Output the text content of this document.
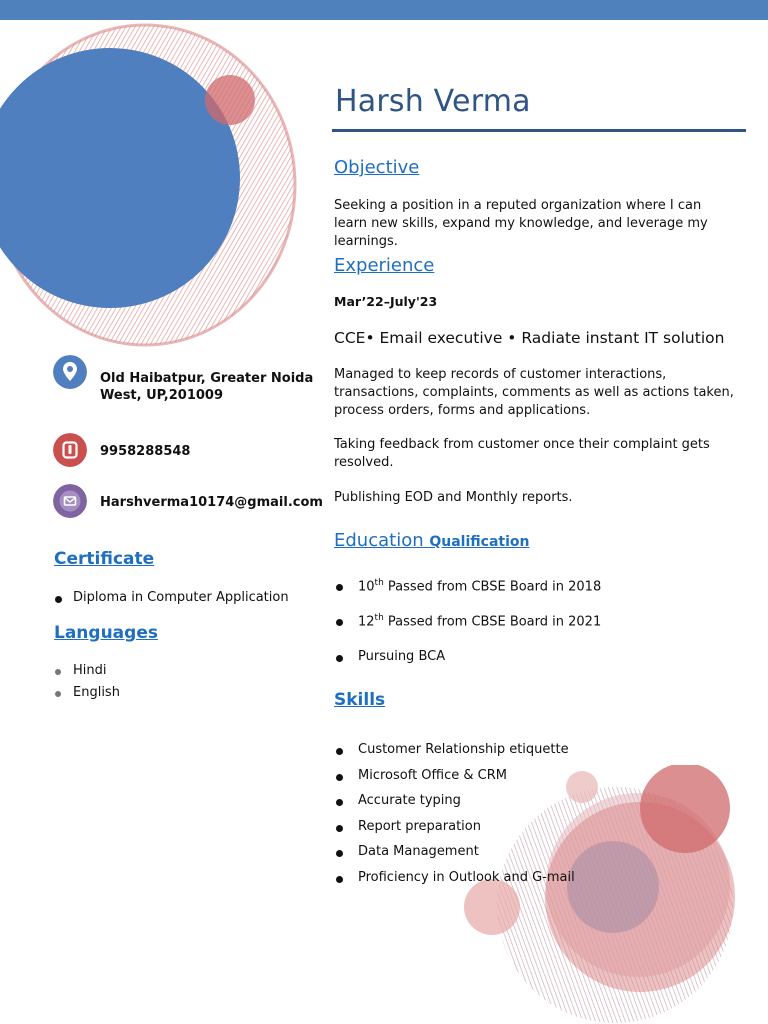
Harsh Verma
Objective

Seeking a position in a reputed organization where I can learn new skills, expand my knowledge, and leverage my learnings.

Experience
Mar’22–July'23
CCE• Email executive • Radiate instant IT solution

Managed to keep records of customer interactions, transactions, complaints, comments as well as actions taken, process orders, forms and applications.

Taking feedback from customer once their complaint gets resolved.

Publishing EOD and Monthly reports.

Education Qualification
10th Passed from CBSE Board in 2018
12th Passed from CBSE Board in 2021
Pursuing BCA
Skills
Customer Relationship etiquette
Microsoft Office & CRM
Accurate typing
Report preparation
Data Management
Proficiency in Outlook and G-mail
Old Haibatpur, Greater Noida
West, UP,201009
9958288548
Harshverma10174@gmail.com
Certificate
Diploma in Computer Application
Languages
Hindi
English
